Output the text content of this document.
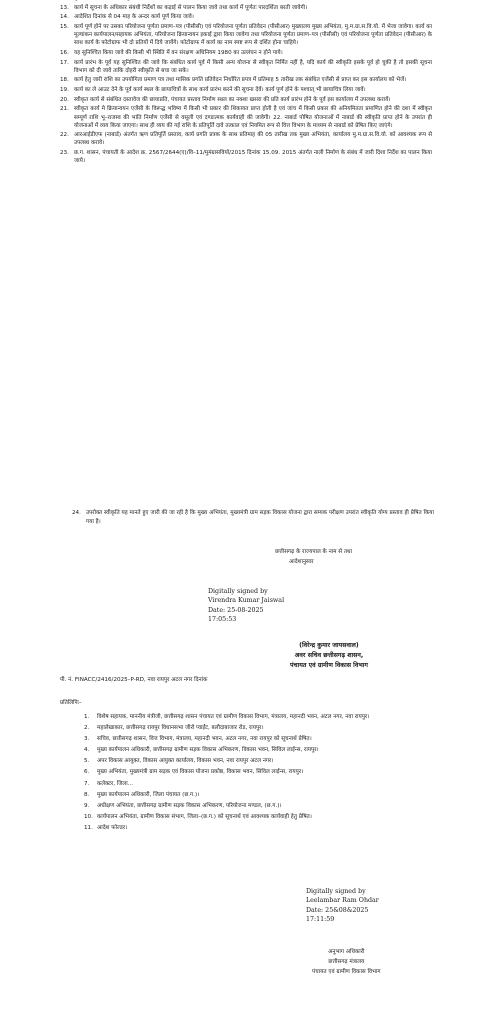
13. कार्य में सूचना के अधिकार संबंधी निर्देशों का कड़ाई से पालन किया जावे तथा कार्य में पूर्णतः पारदर्शिता बरती जावेगी।
14. आदेशित दिनांक से 04 माह के अन्दर कार्य पूर्ण किया जावे।
15. कार्य पूर्ण होने पर उसका परियोजना पूर्णता प्रमाण–पत्र (पीसीसी) एवं परियोजना पूर्णता प्रतिवेदन (पीसीआर) मुख्यालय मुख्य अभियंता, मु.म.ग्रा.स.वि.यो. में भेजा जावेगा। कार्य का मूल्यांकन कार्यपालन/सहायक अभियंता, परियोजना क्रियान्वयन इकाई द्वारा किया जावेगा तथा परियोजना पूर्णता प्रमाण–पत्र (पीसीसी) एवं परियोजना पूर्णता प्रतिवेदन (पीसीआर) के साथ कार्य के फोटोग्राफ भी दो प्रतियों में दिये जायेंगे। फोटोग्राफ में कार्य का नाम स्पष्ट रूप से दर्शित होना चाहिये।
16. यह सुनिश्चित किया जावे की किसी भी स्थिति में वन संरक्षण अधिनियम 1980 का उल्लंघन न होने पाये।
17. कार्य प्रारंभ के पूर्व यह सुनिश्चित की जावे कि संबंधित कार्य पूर्व में किसी अन्य योजना से स्वीकृत निर्मित नहीं है, यदि कार्य की स्वीकृति इसके पूर्व हो चुकी है तो इसकी सूचना विभाग को दी जावे ताकि दोहरी स्वीकृति से बचा जा सके।
18. कार्य हेतु जारी राशि का उपयोगिता प्रमाण पत्र तथा मासिक प्रगति प्रतिवेदन निर्धारित प्रपत्र में प्रतिमाह 5 तारीख तक संबंधित एजेंसी से प्राप्त कर इस कार्यालय को भेजें।
19. कार्य का ले आउट देने के पूर्व कार्य स्थल के छायाचित्रों के साथ कार्य प्रारंभ करने की सूचना देवें। कार्य पूर्ण होने के पश्चात् भी छायाचित्र लिया जावें।
20. स्वीकृत कार्य से संबंधित दस्तावेज की छायाप्रति, पंचायत प्रस्ताव निर्माण स्थल का नक्शा खसरा की प्रति कार्य प्रारंभ होने के पूर्व इस कार्यालय में उपलब्ध करायें।
21. स्वीकृत कार्य मे क्रियान्वयन एजेंसी के विरूद्ध भविष्य में किसी भी प्रकार की शिकायत प्राप्त होती है एवं जांच में किसी प्रकार की अनियमितता प्रमाणित होने की दशा में स्वीकृत सम्पूर्ण राशि भू–राजस्व की भांति निर्माण एजेंसी से वसूली एवं दण्डात्मक कार्यवाही की जावेगी। 22. नाबार्ड पोषित योजनाओं में नाबार्ड की स्वीकृति प्राप्त होने के उपरांत ही योजनाओं में व्यय किया जाएगा। साथ ही व्यय की गई राशि के प्रतिपूर्ति दावे तत्काल एवं नियमित रूप से वित्त विभाग के माध्यम से नाबार्ड को प्रेषित किए जाएंगे।
22. आरआईडीएफ (नाबार्ड) अंतर्गत ऋण प्रतिपूर्ति प्रस्ताव, कार्य प्रगति प्रत्रक के साथ प्रतिमाह की 05 तारीख तक मुख्य अभियंता, कार्यालय मु.म.ग्रा.स.वि.यो. को आवश्यक रूप से उपलब्ध करावे।
23. छ.ग. शासन, पंचायती के आदेश क्र. 2567/2644(ए)/वि–11/मुमंग्रासवियो/2015 दिनांक 15.09. 2015 अंतर्गत नाली निर्माण के संबंध में जारी दिशा निर्देश का पालन किया जाये।
24. उपरोक्त स्वीकृति यह मानते हुए जारी की जा रही है कि मुख्य अभियंता, मुख्यमंत्री ग्राम सड़क विकास योजना द्वारा सम्यक परीक्षण उपरांत स्वीकृति योग्य प्रस्ताव ही प्रेषित किया गया है।
छत्तीसगढ़ के राज्यपाल के नाम से तथा
आदेशानुसार
Digitally signed by
Virendra Kumar Jaiswal
Date: 25-08-2025
17:05:53
(विरेन्द्र कुमार जायसवाल)
अवर सचिव छत्तीसगढ़ शासन,
पंचायत एवं ग्रामीण विकास विभाग
पी. नं. FINACC/2416/2025–P-RD, नवा रायपुर अटल नगर दिनांक
प्रतिलिपिः–
1.	विशेष सहायक, माननीय मंत्रीजी, छत्तीसगढ़ शासन पंचायत एवं ग्रामीण विकास विभाग, मंत्रालय, महानदी भवन, अटल नगर, नवा रायपुर।
2.	महालेखाकार, छत्तीसगढ़ रायपुर विधानसभा जीरो प्वाईंट, बलौदाबाजार रोड, रायपुर।
3.	सचिव, छत्तीसगढ़ शासन, वित्त विभाग, मंत्रालय, महानदी भवन, अटल नगर, नवा रायपुर को सूचनार्थ प्रेषित।
4.	मुख्य कार्यपालन अधिकारी, छत्तीसगढ़ ग्रामीण सड़क विकास अभिकरण, विकास भवन, सिविल लाईन्स, रायपुर।
5.	अपर विकास आयुक्त, विकास आयुक्त कार्यालय, विकास भवन, नवा रायपुर अटल नगर।
6.	मुख्य अभियंता, मुख्यमंत्री ग्राम सड़क एवं विकास योजना प्रकोष्ठ, विकास भवन, सिविल लाईन्स, रायपुर।
7.	कलेक्टर, जिला...
8.	मुख्य कार्यपालन अधिकारी, जिला पंचायत (छ.ग.)।
9.	अधीक्षण अभियंता, छत्तीसगढ़ ग्रामीण सड़क विकास अभिकरण, परियोजना मण्डल, (छ.ग.)।
10. कार्यपालन अभियंता, ग्रामीण विकास संभाग, जिला–(छ.ग.) को सूचनार्थ एवं आवश्यक कार्यवाही हेतु प्रेषित।
11. आदेश फोल्डर।
Digitally signed by
Leelambar Ram Ohdar
Date: 25&08&2025
17:11:59
अनुभाग अधिकारी
छत्तीसगढ़ मंत्रालय
पंचायत एवं ग्रामीण विकास विभाग
